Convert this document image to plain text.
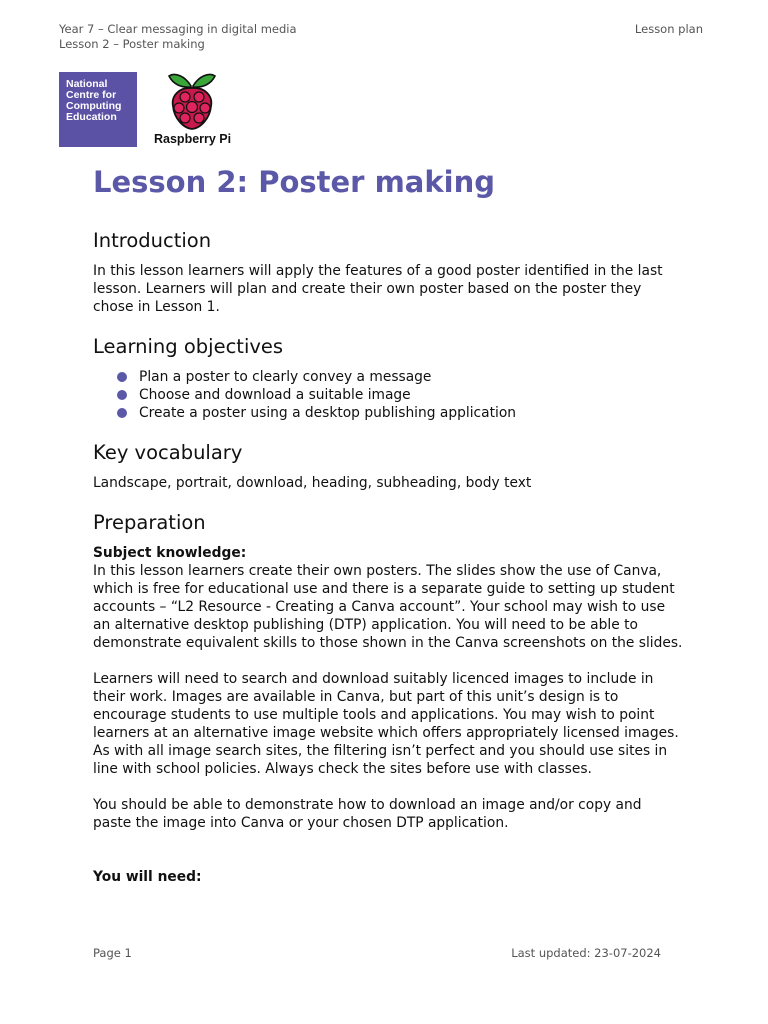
Year 7 – Clear messaging in digital media
Lesson 2 – Poster making
Lesson plan
National
Centre for
Computing
Education
Raspberry Pi
Lesson 2: Poster making
Introduction

In this lesson learners will apply the features of a good poster identified in the last lesson. Learners will plan and create their own poster based on the poster they chose in Lesson 1.

Learning objectives
Plan a poster to clearly convey a message
Choose and download a suitable image
Create a poster using a desktop publishing application
Key vocabulary

Landscape, portrait, download, heading, subheading, body text

Preparation

Subject knowledge:

In this lesson learners create their own posters. The slides show the use of Canva, which is free for educational use and there is a separate guide to setting up student accounts – “L2 Resource - Creating a Canva account”. Your school may wish to use an alternative desktop publishing (DTP) application. You will need to be able to demonstrate equivalent skills to those shown in the Canva screenshots on the slides.

Learners will need to search and download suitably licenced images to include in their work. Images are available in Canva, but part of this unit’s design is to encourage students to use multiple tools and applications. You may wish to point learners at an alternative image website which offers appropriately licensed images. As with all image search sites, the filtering isn’t perfect and you should use sites in line with school policies. Always check the sites before use with classes.

You should be able to demonstrate how to download an image and/or copy and paste the image into Canva or your chosen DTP application.

You will need:

Page 1	Last updated: 23-07-2024
